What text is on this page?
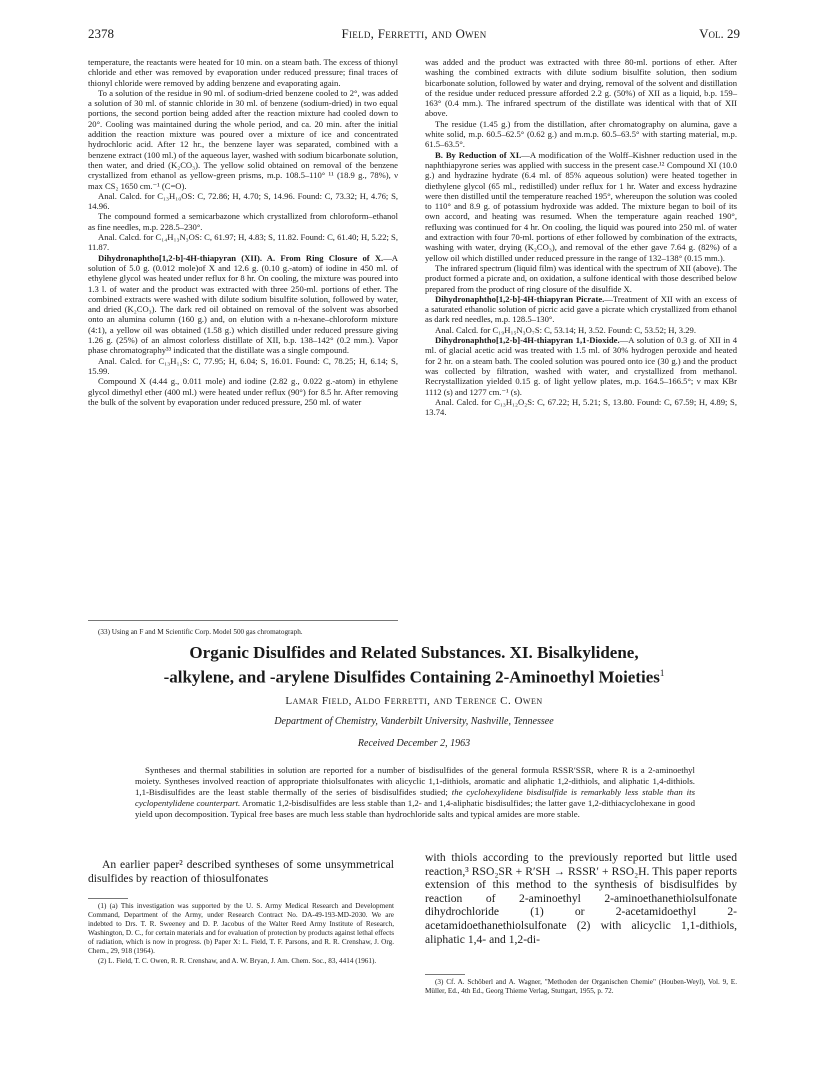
2378	Field, Ferretti, and Owen	Vol. 29

temperature, the reactants were heated for 10 min. on a steam bath. The excess of thionyl chloride and ether was removed by evaporation under reduced pressure; final traces of thionyl chloride were removed by adding benzene and evaporating again.

To a solution of the residue in 90 ml. of sodium-dried benzene cooled to 2°, was added a solution of 30 ml. of stannic chloride in 30 ml. of benzene (sodium-dried) in two equal portions, the second portion being added after the reaction mixture had cooled down to 20°. Cooling was maintained during the whole period, and ca. 20 min. after the initial addition the reaction mixture was poured over a mixture of ice and concentrated hydrochloric acid. After 12 hr., the benzene layer was separated, combined with a benzene extract (100 ml.) of the aqueous layer, washed with sodium bicarbonate solution, then water, and dried (K₂CO₃). The yellow solid obtained on removal of the benzene crystallized from ethanol as yellow-green prisms, m.p. 108.5–110° ¹¹ (18.9 g., 78%), ν max CS₂ 1650 cm.⁻¹ (C=O).

Anal. Calcd. for C₁₃H₁₀OS: C, 72.86; H, 4.70; S, 14.96. Found: C, 73.32; H, 4.76; S, 14.96.

The compound formed a semicarbazone which crystallized from chloroform–ethanol as fine needles, m.p. 228.5–230°.

Anal. Calcd. for C₁₄H₁₃N₃OS: C, 61.97; H, 4.83; S, 11.82. Found: C, 61.40; H, 5.22; S, 11.87.

Dihydronaphtho[1,2-b]-4H-thiapyran (XII). A. From Ring Closure of X.—A solution of 5.0 g. (0.012 mole)of X and 12.6 g. (0.10 g.-atom) of iodine in 450 ml. of ethylene glycol was heated under reflux for 8 hr. On cooling, the mixture was poured into 1.3 l. of water and the product was extracted with three 250-ml. portions of ether. The combined extracts were washed with dilute sodium bisulfite solution, followed by water, and dried (K₂CO₃). The dark red oil obtained on removal of the solvent was absorbed onto an alumina column (160 g.) and, on elution with a n-hexane–chloroform mixture (4:1), a yellow oil was obtained (1.58 g.) which distilled under reduced pressure giving 1.26 g. (25%) of an almost colorless distillate of XII, b.p. 138–142° (0.2 mm.). Vapor phase chromatography³³ indicated that the distillate was a single compound.

Anal. Calcd. for C₁₃H₁₂S: C, 77.95; H, 6.04; S, 16.01. Found: C, 78.25; H, 6.14; S, 15.99.

Compound X (4.44 g., 0.011 mole) and iodine (2.82 g., 0.022 g.-atom) in ethylene glycol dimethyl ether (400 ml.) were heated under reflux (90°) for 8.5 hr. After removing the bulk of the solvent by evaporation under reduced pressure, 250 ml. of water

was added and the product was extracted with three 80-ml. portions of ether. After washing the combined extracts with dilute sodium bisulfite solution, then sodium bicarbonate solution, followed by water and drying, removal of the solvent and distillation of the residue under reduced pressure afforded 2.2 g. (50%) of XII as a liquid, b.p. 159–163° (0.4 mm.). The infrared spectrum of the distillate was identical with that of XII above.

The residue (1.45 g.) from the distillation, after chromatography on alumina, gave a white solid, m.p. 60.5–62.5° (0.62 g.) and m.m.p. 60.5–63.5° with starting material, m.p. 61.5–63.5°.

B. By Reduction of XI.—A modification of the Wolff–Kishner reduction used in the naphthiapyrone series was applied with success in the present case.¹² Compound XI (10.0 g.) and hydrazine hydrate (6.4 ml. of 85% aqueous solution) were heated together in diethylene glycol (65 ml., redistilled) under reflux for 1 hr. Water and excess hydrazine were then distilled until the temperature reached 195°, whereupon the solution was cooled to 110° and 8.9 g. of potassium hydroxide was added. The mixture began to boil of its own accord, and heating was resumed. When the temperature again reached 190°, refluxing was continued for 4 hr. On cooling, the liquid was poured into 250 ml. of water and extraction with four 70-ml. portions of ether followed by combination of the extracts, washing with water, drying (K₂CO₃), and removal of the ether gave 7.64 g. (82%) of a yellow oil which distilled under reduced pressure in the range of 132–138° (0.15 mm.).

The infrared spectrum (liquid film) was identical with the spectrum of XII (above). The product formed a picrate and, on oxidation, a sulfone identical with those described below prepared from the product of ring closure of the disulfide X.

Dihydronaphtho[1,2-b]-4H-thiapyran Picrate.—Treatment of XII with an excess of a saturated ethanolic solution of picric acid gave a picrate which crystallized from ethanol as dark red needles, m.p. 128.5–130°.

Anal. Calcd. for C₁₉H₁₅N₃O₇S: C, 53.14; H, 3.52. Found: C, 53.52; H, 3.29.

Dihydronaphtho[1,2-b]-4H-thiapyran 1,1-Dioxide.—A solution of 0.3 g. of XII in 4 ml. of glacial acetic acid was treated with 1.5 ml. of 30% hydrogen peroxide and heated for 2 hr. on a steam bath. The cooled solution was poured onto ice (30 g.) and the product was collected by filtration, washed with water, and crystallized from methanol. Recrystallization yielded 0.15 g. of light yellow plates, m.p. 164.5–166.5°; ν max KBr 1112 (s) and 1277 cm.⁻¹ (s).

Anal. Calcd. for C₁₃H₁₂O₂S: C, 67.22; H, 5.21; S, 13.80. Found: C, 67.59; H, 4.89; S, 13.74.

(33) Using an F and M Scientific Corp. Model 500 gas chromatograph.
Organic Disulfides and Related Substances. XI. Bisalkylidene,
-alkylene, and -arylene Disulfides Containing 2-Aminoethyl Moieties$^1$
Lamar Field, Aldo Ferretti, and Terence C. Owen
Department of Chemistry, Vanderbilt University, Nashville, Tennessee
Received December 2, 1963
Syntheses and thermal stabilities in solution are reported for a number of bisdisulfides of the general formula RSSR′SSR, where R is a 2-aminoethyl moiety. Syntheses involved reaction of appropriate thiolsulfonates with alicyclic 1,1-dithiols, aromatic and aliphatic 1,2-dithiols, and aliphatic 1,4-dithiols. 1,1-Bisdisulfides are the least stable thermally of the series of bisdisulfides studied; the cyclohexylidene bisdisulfide is remarkably less stable than its cyclopentylidene counterpart. Aromatic 1,2-bisdisulfides are less stable than 1,2- and 1,4-aliphatic bisdisulfides; the latter gave 1,2-dithiacyclohexane in good yield upon decomposition. Typical free bases are much less stable than hydrochloride salts and typical amides are more stable.

An earlier paper² described syntheses of some unsymmetrical disulfides by reaction of thiosulfonates

(1) (a) This investigation was supported by the U. S. Army Medical Research and Development Command, Department of the Army, under Research Contract No. DA-49-193-MD-2030. We are indebted to Drs. T. R. Sweeney and D. P. Jacobus of the Walter Reed Army Institute of Research, Washington, D. C., for certain materials and for evaluation of protection by products against lethal effects of radiation, which is now in progress. (b) Paper X: L. Field, T. F. Parsons, and R. R. Crenshaw, J. Org. Chem., 29, 918 (1964).

(2) L. Field, T. C. Owen, R. R. Crenshaw, and A. W. Bryan, J. Am. Chem. Soc., 83, 4414 (1961).

with thiols according to the previously reported but little used reaction,³ RSO₂SR + R′SH → RSSR′ + RSO₂H. This paper reports extension of this method to the synthesis of bisdisulfides by reaction of 2-aminoethyl 2-aminoethanethiolsulfonate dihydrochloride (1) or 2-acetamidoethyl 2-acetamidoethanethiolsulfonate (2) with alicyclic 1,1-dithiols, aliphatic 1,4- and 1,2-di-

(3) Cf. A. Schöberl and A. Wagner, "Methoden der Organischen Chemie" (Houben-Weyl), Vol. 9, E. Müller, Ed., 4th Ed., Georg Thieme Verlag, Stuttgart, 1955, p. 72.
